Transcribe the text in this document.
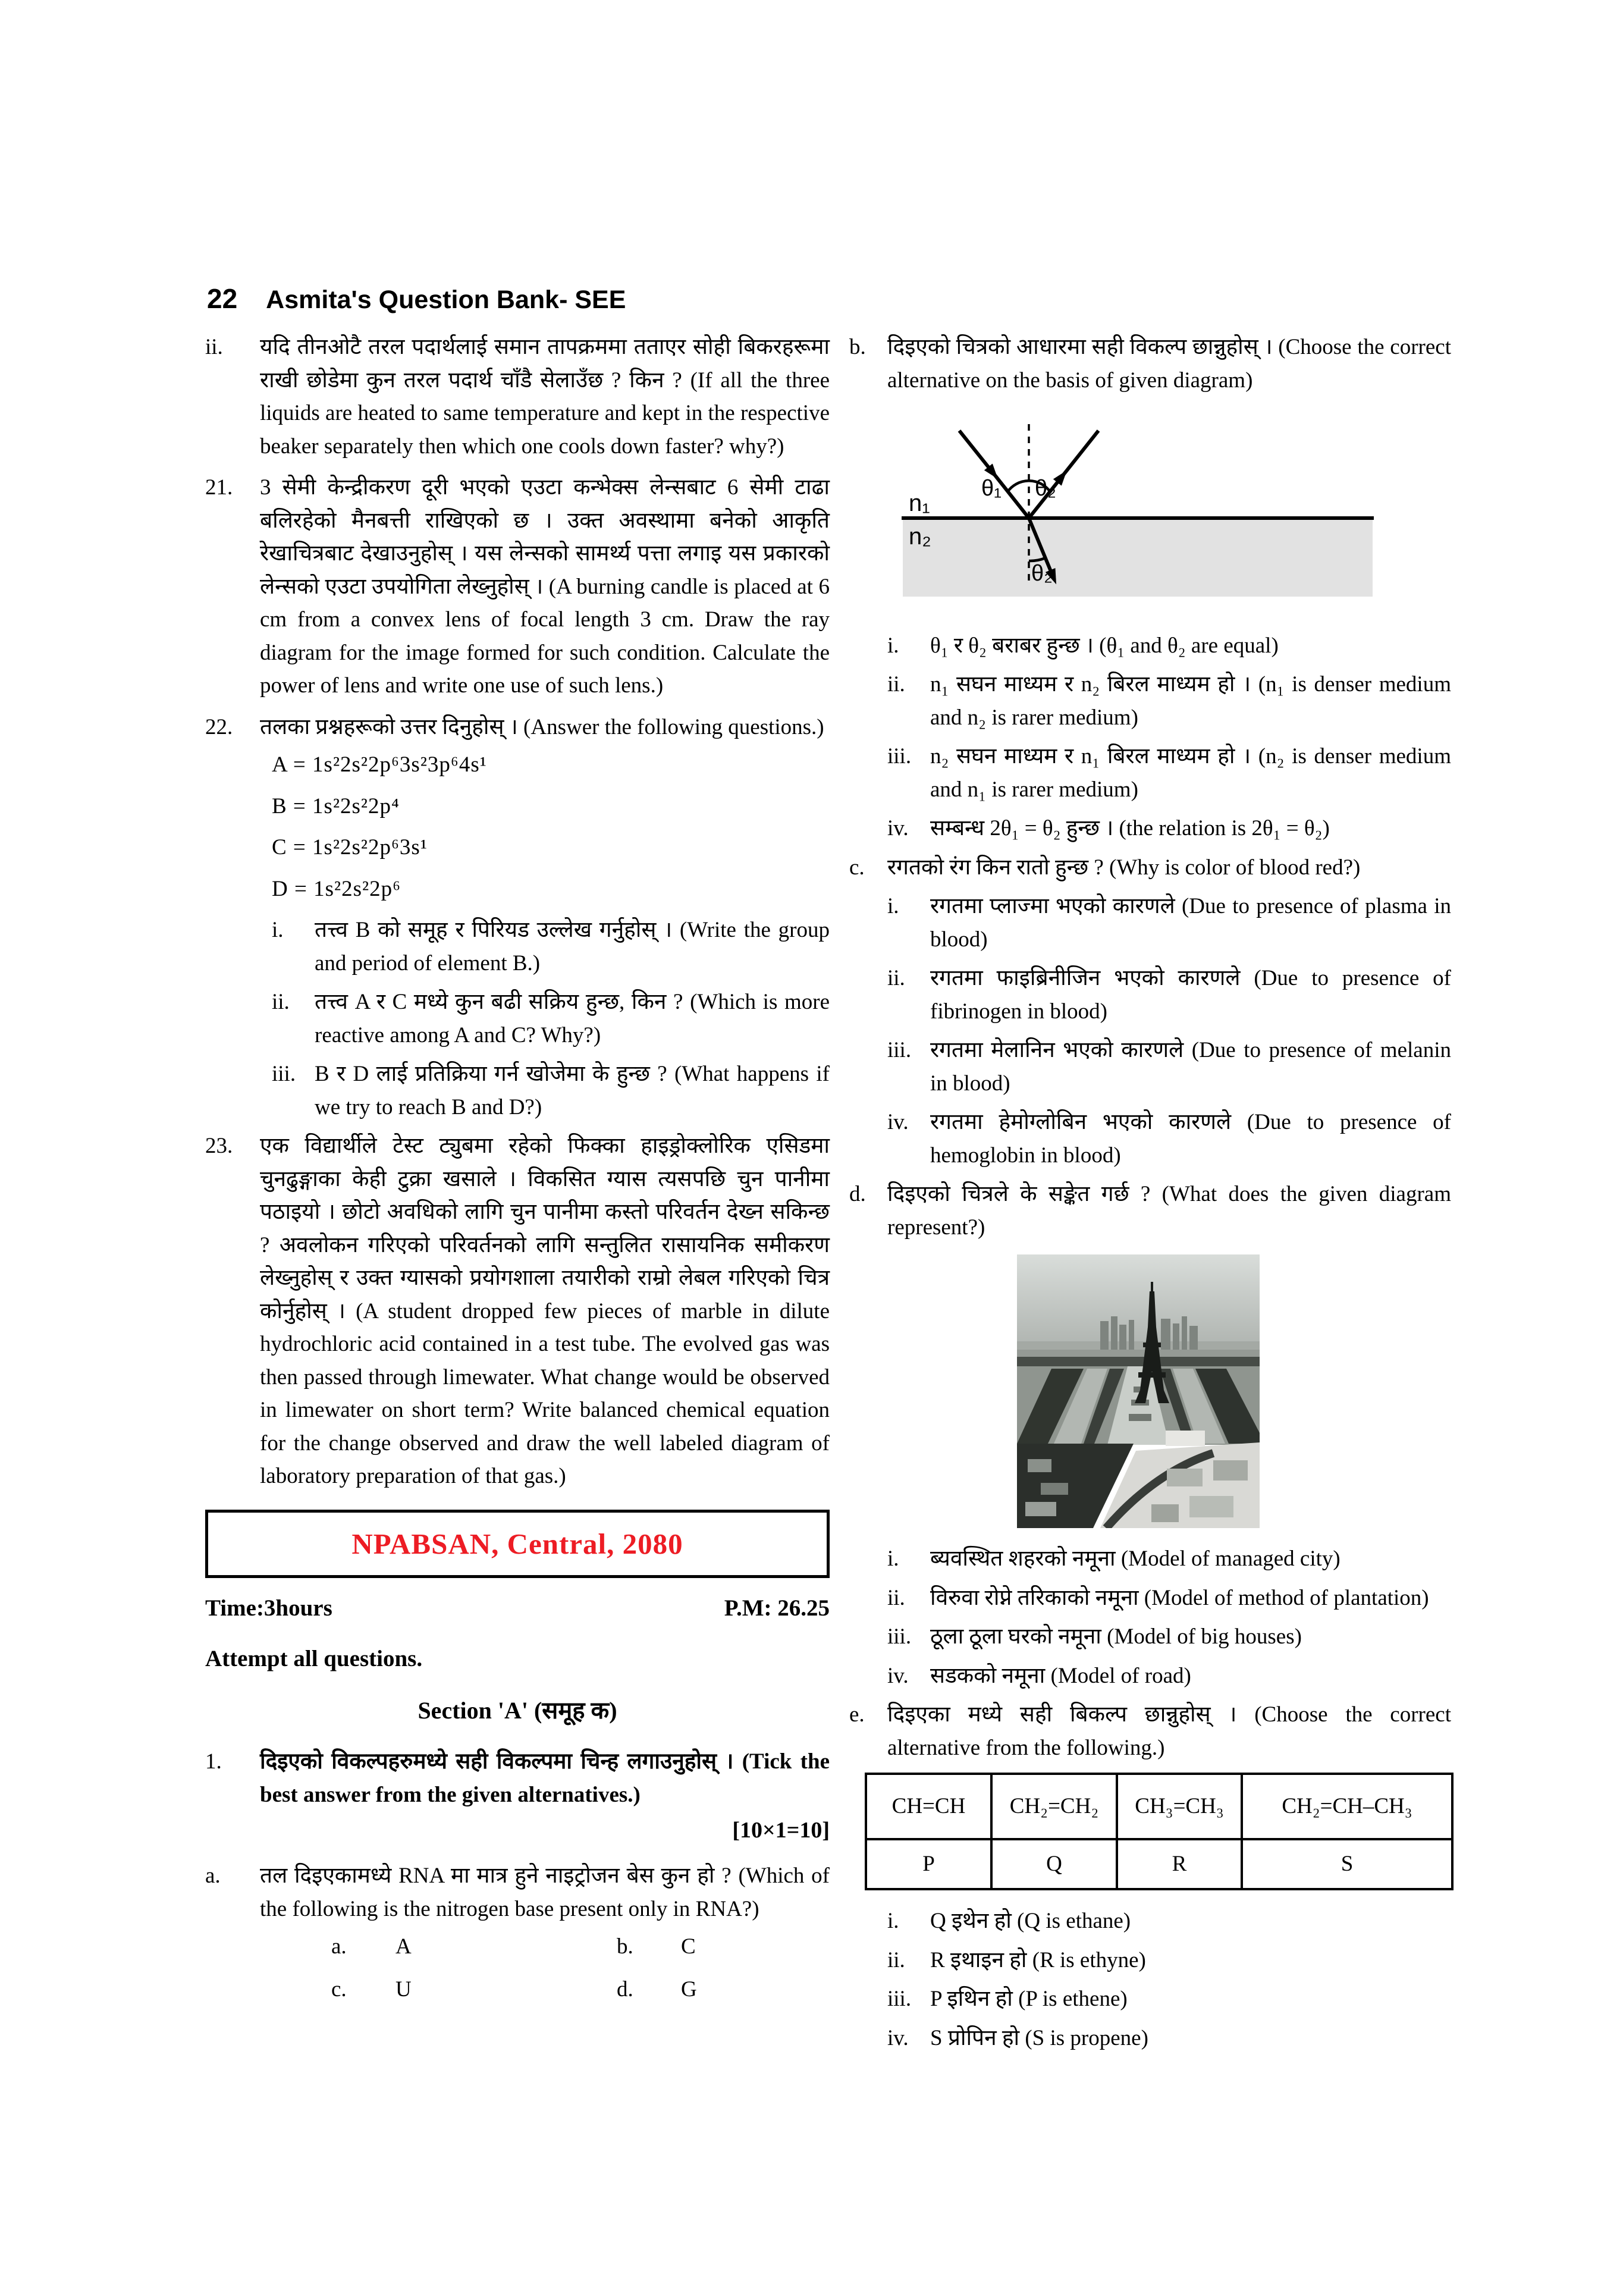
22 Asmita's Question Bank- SEE
ii.	यदि तीनओटै तरल पदार्थलाई समान तापक्रममा तताएर सोही बिकरहरूमा राखी छोडेमा कुन तरल पदार्थ चाँडै सेलाउँछ ? किन ? (If all the three liquids are heated to same temperature and kept in the respective beaker separately then which one cools down faster? why?)
21.	3 सेमी केन्द्रीकरण दूरी भएको एउटा कन्भेक्स लेन्सबाट 6 सेमी टाढा बलिरहेको मैनबत्ती राखिएको छ । उक्त अवस्थामा बनेको आकृति रेखाचित्रबाट देखाउनुहोस् । यस लेन्सको सामर्थ्य पत्ता लगाइ यस प्रकारको लेन्सको एउटा उपयोगिता लेख्नुहोस् । (A burning candle is placed at 6 cm from a convex lens of focal length 3 cm. Draw the ray diagram for the image formed for such condition. Calculate the power of lens and write one use of such lens.)
22.	तलका प्रश्नहरूको उत्तर दिनुहोस् । (Answer the following questions.)
A = 1s²2s²2p⁶3s²3p⁶4s¹
B = 1s²2s²2p⁴
C = 1s²2s²2p⁶3s¹
D = 1s²2s²2p⁶
i.	तत्त्व B को समूह र पिरियड उल्लेख गर्नुहोस् । (Write the group and period of element B.)
ii.	तत्त्व A र C मध्ये कुन बढी सक्रिय हुन्छ, किन ? (Which is more reactive among A and C? Why?)
iii. B र D लाई प्रतिक्रिया गर्न खोजेमा के हुन्छ ? (What happens if we try to reach B and D?)
23.	एक विद्यार्थीले टेस्ट ट्युबमा रहेको फिक्का हाइड्रोक्लोरिक एसिडमा चुनढुङ्गाका केही टुक्रा खसाले । विकसित ग्यास त्यसपछि चुन पानीमा पठाइयो । छोटो अवधिको लागि चुन पानीमा कस्तो परिवर्तन देख्न सकिन्छ ? अवलोकन गरिएको परिवर्तनको लागि सन्तुलित रासायनिक समीकरण लेख्नुहोस् र उक्त ग्यासको प्रयोगशाला तयारीको राम्रो लेबल गरिएको चित्र कोर्नुहोस् । (A student dropped few pieces of marble in dilute hydrochloric acid contained in a test tube. The evolved gas was then passed through limewater. What change would be observed in limewater on short term? Write balanced chemical equation for the change observed and draw the well labeled diagram of laboratory preparation of that gas.)
NPABSAN, Central, 2080
Time:3hours	P.M: 26.25
Attempt all questions.
Section 'A' (समूह क)
1.	दिइएको विकल्पहरुमध्ये सही विकल्पमा चिन्ह लगाउनुहोस् । (Tick the best answer from the given alternatives.)
[10×1=10]
a.	तल दिइएकामध्ये RNA मा मात्र हुने नाइट्रोजन बेस कुन हो ? (Which of the following is the nitrogen base present only in RNA?)
a.	A	b.	C
c.	U	d.	G
b. दिइएको चित्रको आधारमा सही विकल्प छान्नुहोस् । (Choose the correct alternative on the basis of given diagram)
θ₁ θ₂
n₁
n₂
θ₂
i.	θ₁ र θ₂ बराबर हुन्छ । (θ₁ and θ₂ are equal)
ii.	n₁ सघन माध्यम र n₂ बिरल माध्यम हो । (n₁ is denser medium and n₂ is rarer medium)
iii. n₂ सघन माध्यम र n₁ बिरल माध्यम हो । (n₂ is denser medium and n₁ is rarer medium)
iv. सम्बन्ध 2θ₁ = θ₂ हुन्छ । (the relation is 2θ₁ = θ₂)
c.	रगतको रंग किन रातो हुन्छ ? (Why is color of blood red?)
i.	रगतमा प्लाज्मा भएको कारणले (Due to presence of plasma in blood)
ii.	रगतमा फाइब्रिनीजिन भएको कारणले (Due to presence of fibrinogen in blood)
iii. रगतमा मेलानिन भएको कारणले (Due to presence of melanin in blood)
iv. रगतमा हेमोग्लोबिन भएको कारणले (Due to presence of hemoglobin in blood)
d. दिइएको चित्रले के सङ्केत गर्छ ? (What does the given diagram represent?)
i.	ब्यवस्थित शहरको नमूना (Model of managed city)
ii.	विरुवा रोप्ने तरिकाको नमूना (Model of method of plantation)
iii. ठूला ठूला घरको नमूना (Model of big houses)
iv. सडकको नमूना (Model of road)
e.	दिइएका मध्ये सही बिकल्प छान्नुहोस् । (Choose the correct alternative from the following.)
CH=CH	CH₂=CH₂	CH₃=CH₃	CH₂=CH–CH₃
P	Q	R	S
i.	Q इथेन हो (Q is ethane)
ii.	R इथाइन हो (R is ethyne)
iii. P इथिन हो (P is ethene)
iv. S प्रोपिन हो (S is propene)
